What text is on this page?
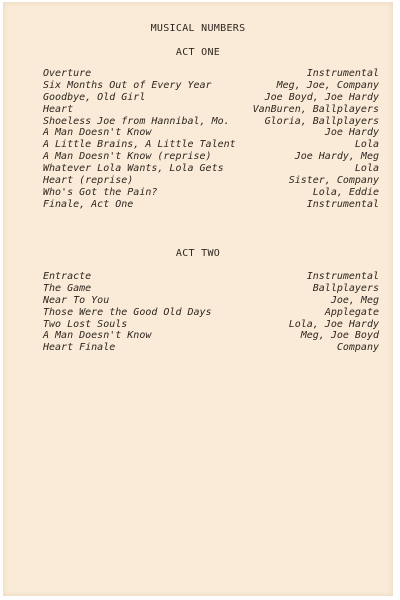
MUSICAL NUMBERS
ACT ONE
Overture	Instrumental
Six Months Out of Every Year	Meg, Joe, Company
Goodbye, Old Girl	Joe Boyd, Joe Hardy
Heart	VanBuren, Ballplayers
Shoeless Joe from Hannibal, Mo.	Gloria, Ballplayers
A Man Doesn't Know	Joe Hardy
A Little Brains, A Little Talent	Lola
A Man Doesn't Know (reprise)	Joe Hardy, Meg
Whatever Lola Wants, Lola Gets	Lola
Heart (reprise)	Sister, Company
Who's Got the Pain?	Lola, Eddie
Finale, Act One	Instrumental
ACT TWO
Entracte	Instrumental
The Game	Ballplayers
Near To You	Joe, Meg
Those Were the Good Old Days	Applegate
Two Lost Souls	Lola, Joe Hardy
A Man Doesn't Know	Meg, Joe Boyd
Heart Finale	Company
